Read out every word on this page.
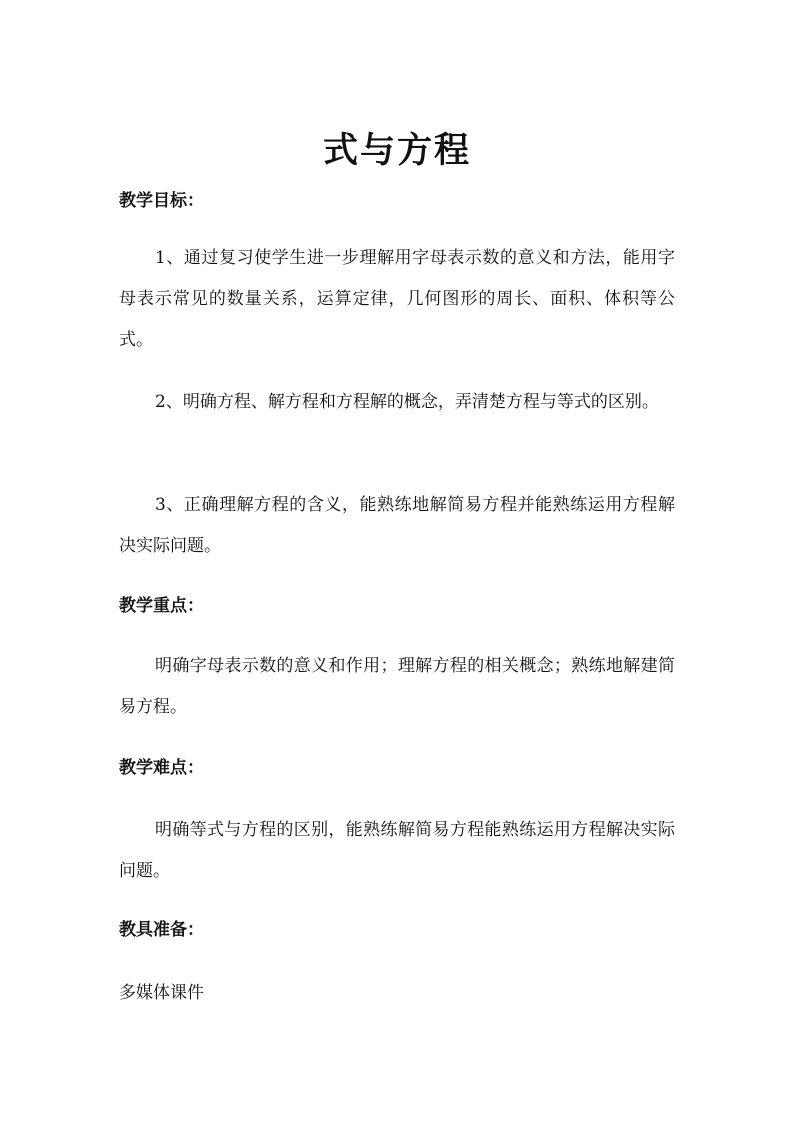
式与方程

教学目标：

1、通过复习使学生进一步理解用字母表示数的意义和方法，能用字母表示常见的数量关系，运算定律，几何图形的周长、面积、体积等公式。

2、明确方程、解方程和方程解的概念，弄清楚方程与等式的区别。

3、正确理解方程的含义，能熟练地解简易方程并能熟练运用方程解决实际问题。

教学重点：

明确字母表示数的意义和作用；理解方程的相关概念；熟练地解建简易方程。

教学难点：

明确等式与方程的区别，能熟练解简易方程能熟练运用方程解决实际问题。

教具准备：

多媒体课件
